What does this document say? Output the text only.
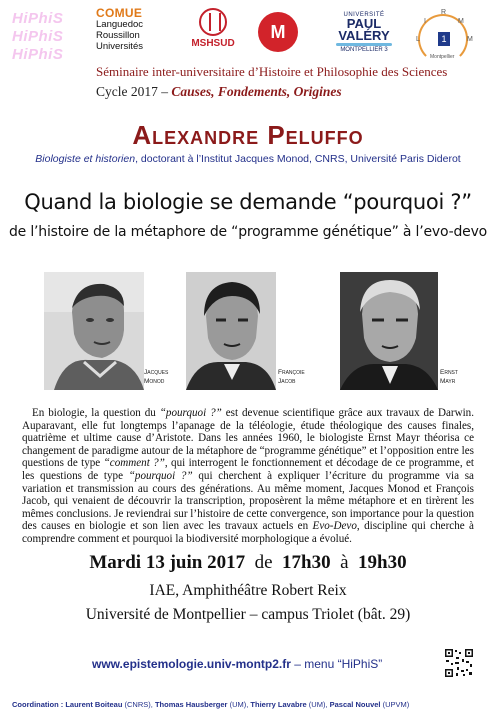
HiPhiS
HiPhiS
HiPhiS
COMUE
Languedoc
Roussillon
Universités	MSHSUD
M
UNIVERSITÉ
PAUL
VALÉRY
MONTPELLIER 3
L
I
R
M
M
1
Montpellier
Séminaire inter-universitaire d’Histoire et Philosophie des Sciences
Cycle 2017 – Causes, Fondements, Origines
Alexandre Peluffo
Biologiste et historien, doctorant à l’Institut Jacques Monod, CNRS, Université Paris Diderot
Quand la biologie se demande “pourquoi ?”
de l’histoire de la métaphore de “programme génétique” à l’evo-devo
Jacques
Monod
Françoie
Jacob
Ernst
Mayr
En biologie, la question du “pourquoi ?” est devenue scientifique grâce aux travaux de Darwin. Auparavant, elle fut longtemps l’apanage de la téléologie, étude théologique des causes finales, quatrième et ultime cause d’Aristote. Dans les années 1960, le biologiste Ernst Mayr théorisa ce changement de paradigme autour de la métaphore de “programme génétique” et l’opposition entre les questions de type “comment ?”, qui interrogent le fonctionnement et décodage de ce programme, et les questions de type “pourquoi ?” qui cherchent à expliquer l’écriture du programme via sa variation et transmission au cours des générations. Au même moment, Jacques Monod et François Jacob, qui venaient de découvrir la transcription, proposèrent la même métaphore et en tirèrent les mêmes conclusions. Je reviendrai sur l’histoire de cette convergence, son importance pour la question des causes en biologie et son lien avec les travaux actuels en Evo-Devo, discipline qui cherche à comprendre comment et pourquoi la biodiversité morphologique a évolué.
Mardi 13 juin 2017 de 17h30 à 19h30
IAE, Amphithéâtre Robert Reix
Université de Montpellier – campus Triolet (bât. 29)
www.epistemologie.univ-montp2.fr – menu “HiPhiS”
Coordination : Laurent Boiteau (CNRS), Thomas Hausberger (UM), Thierry Lavabre (UM), Pascal Nouvel (UPVM)
